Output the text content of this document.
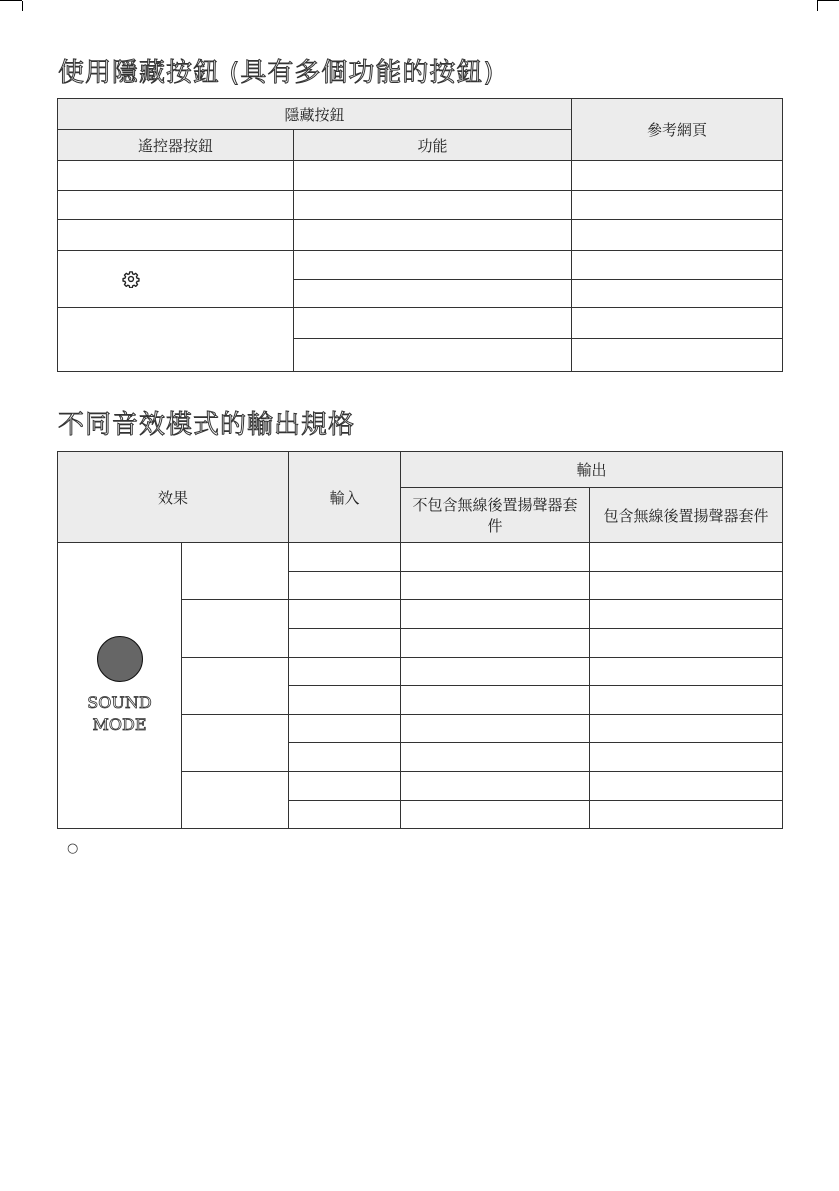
使用隱藏按鈕 (具有多個功能的按鈕)
隱藏按鈕		參考網頁
遙控器按鈕	功能	

不同音效模式的輸出規格
效果		輸入	輸出	
			不包含無線後置揚聲器套件	包含無線後置揚聲器套件

SOUND
MODE				

○
